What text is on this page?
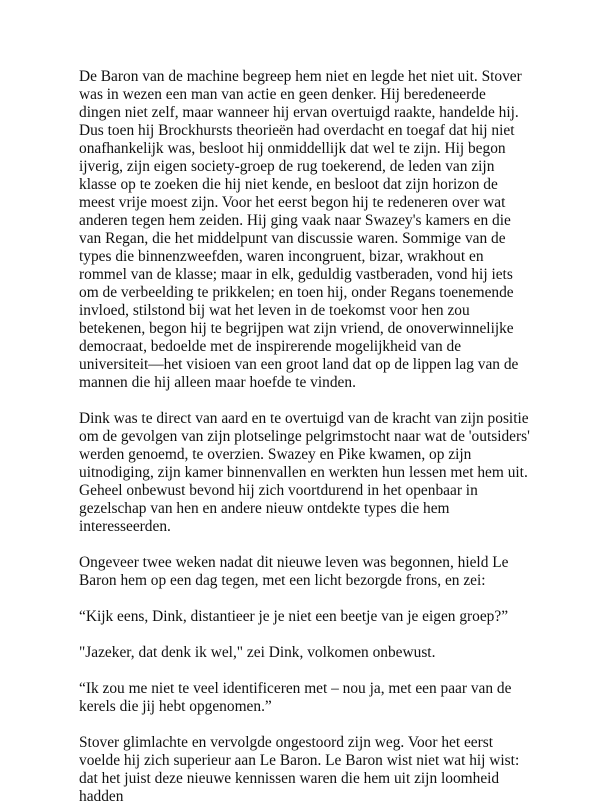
De Baron van de machine begreep hem niet en legde het niet uit. Stover was in wezen een man van actie en geen denker. Hij beredeneerde dingen niet zelf, maar wanneer hij ervan overtuigd raakte, handelde hij. Dus toen hij Brockhursts theorieën had overdacht en toegaf dat hij niet onafhankelijk was, besloot hij onmiddellijk dat wel te zijn. Hij begon ijverig, zijn eigen society-groep de rug toekerend, de leden van zijn klasse op te zoeken die hij niet kende, en besloot dat zijn horizon de meest vrije moest zijn. Voor het eerst begon hij te redeneren over wat anderen tegen hem zeiden. Hij ging vaak naar Swazey's kamers en die van Regan, die het middelpunt van discussie waren. Sommige van de types die binnenzweefden, waren incongruent, bizar, wrakhout en rommel van de klasse; maar in elk, geduldig vastberaden, vond hij iets om de verbeelding te prikkelen; en toen hij, onder Regans toenemende invloed, stilstond bij wat het leven in de toekomst voor hen zou betekenen, begon hij te begrijpen wat zijn vriend, de onoverwinnelijke democraat, bedoelde met de inspirerende mogelijkheid van de universiteit—het visioen van een groot land dat op de lippen lag van de mannen die hij alleen maar hoefde te vinden.

Dink was te direct van aard en te overtuigd van de kracht van zijn positie om de gevolgen van zijn plotselinge pelgrimstocht naar wat de 'outsiders' werden genoemd, te overzien. Swazey en Pike kwamen, op zijn uitnodiging, zijn kamer binnenvallen en werkten hun lessen met hem uit. Geheel onbewust bevond hij zich voortdurend in het openbaar in gezelschap van hen en andere nieuw ontdekte types die hem interesseerden.

Ongeveer twee weken nadat dit nieuwe leven was begonnen, hield Le Baron hem op een dag tegen, met een licht bezorgde frons, en zei:

“Kijk eens, Dink, distantieer je je niet een beetje van je eigen groep?”

"Jazeker, dat denk ik wel," zei Dink, volkomen onbewust.

“Ik zou me niet te veel identificeren met – nou ja, met een paar van de kerels die jij hebt opgenomen.”

Stover glimlachte en vervolgde ongestoord zijn weg. Voor het eerst voelde hij zich superieur aan Le Baron. Le Baron wist niet wat hij wist: dat het juist deze nieuwe kennissen waren die hem uit zijn loomheid hadden
